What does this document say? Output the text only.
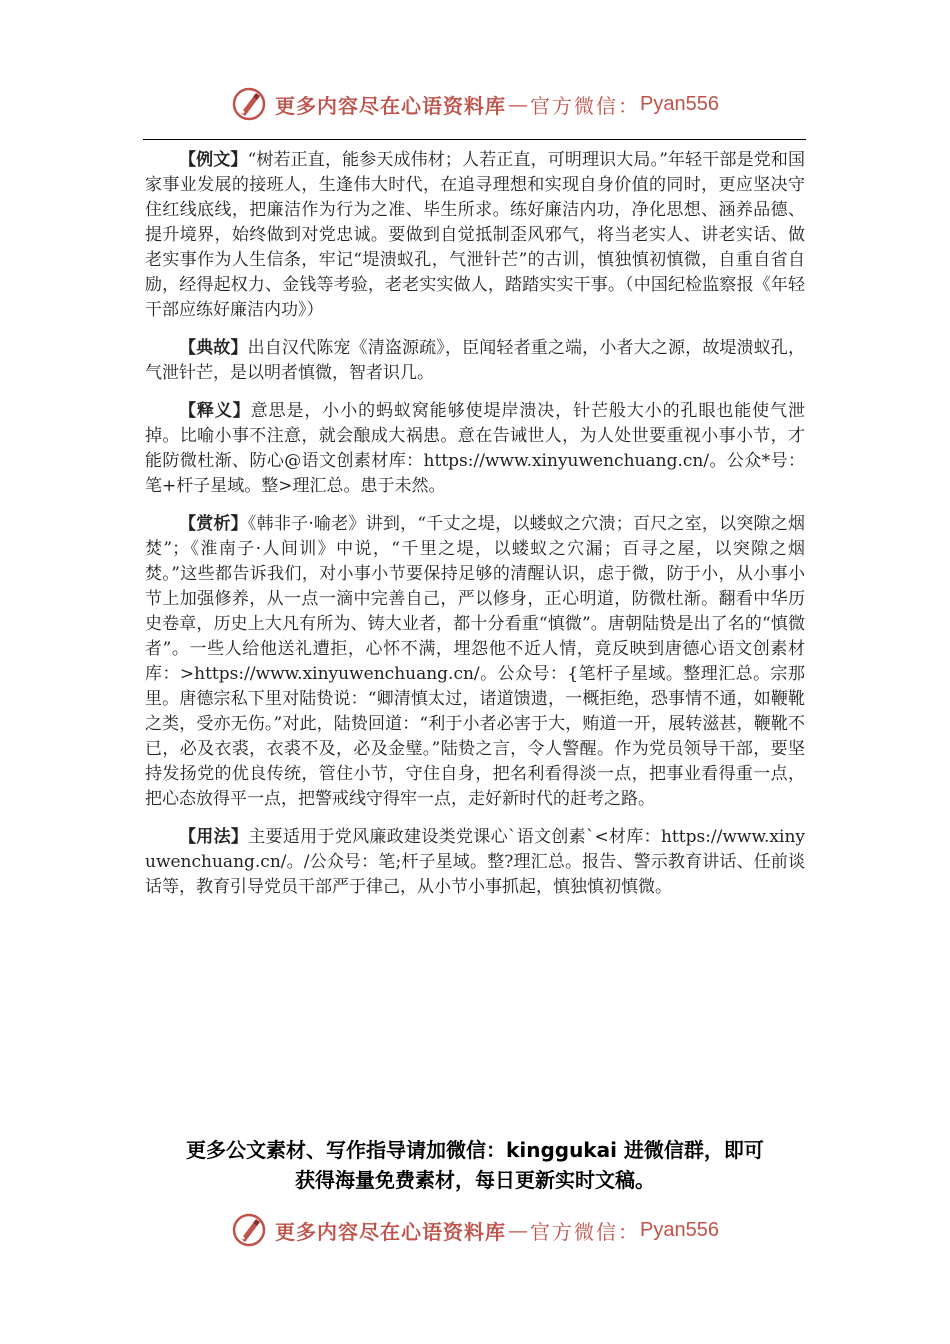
更多内容尽在心语资料库 — 官方微信： Pyan556

【例文】“树若正直，能参天成伟材；人若正直，可明理识大局。”年轻干部是党和国家事业发展的接班人，生逢伟大时代，在追寻理想和实现自身价值的同时，更应坚决守住红线底线，把廉洁作为行为之准、毕生所求。练好廉洁内功，净化思想、涵养品德、提升境界，始终做到对党忠诚。要做到自觉抵制歪风邪气，将当老实人、讲老实话、做老实事作为人生信条，牢记“堤溃蚁孔，气泄针芒”的古训，慎独慎初慎微，自重自省自励，经得起权力、金钱等考验，老老实实做人，踏踏实实干事。（中国纪检监察报《年轻干部应练好廉洁内功》）

【典故】出自汉代陈宠《清盗源疏》，臣闻轻者重之端，小者大之源，故堤溃蚁孔，气泄针芒，是以明者慎微，智者识几。

【释义】意思是，小小的蚂蚁窝能够使堤岸溃决，针芒般大小的孔眼也能使气泄掉。比喻小事不注意，就会酿成大祸患。意在告诫世人，为人处世要重视小事小节，才能防微杜渐、防心@语文创素材库：https://www.xinyuwenchuang.cn/。公众*号：笔+杆子星域。整>理汇总。患于未然。

【赏析】《韩非子·喻老》讲到，“千丈之堤，以蝼蚁之穴溃；百尺之室，以突隙之烟焚”；《淮南子·人间训》中说，“千里之堤，以蝼蚁之穴漏；百寻之屋，以突隙之烟焚。”这些都告诉我们，对小事小节要保持足够的清醒认识，虑于微，防于小，从小事小节上加强修养，从一点一滴中完善自己，严以修身，正心明道，防微杜渐。翻看中华历史卷章，历史上大凡有所为、铸大业者，都十分看重“慎微”。唐朝陆贽是出了名的“慎微者”。一些人给他送礼遭拒，心怀不满，埋怨他不近人情，竟反映到唐德心语文创素材库：>https://www.xinyuwenchuang.cn/。公众号：{笔杆子星域。整理汇总。宗那里。唐德宗私下里对陆贽说：“卿清慎太过，诸道馈遗，一概拒绝，恐事情不通，如鞭靴之类，受亦无伤。”对此，陆贽回道：“利于小者必害于大，贿道一开，展转滋甚，鞭靴不已，必及衣裘，衣裘不及，必及金璧。”陆贽之言，令人警醒。作为党员领导干部，要坚持发扬党的优良传统，管住小节，守住自身，把名利看得淡一点，把事业看得重一点，把心态放得平一点，把警戒线守得牢一点，走好新时代的赶考之路。

【用法】主要适用于党风廉政建设类党课心`语文创素`<材库：https://www.xinyuwenchuang.cn/。/公众号：笔;杆子星域。整?理汇总。报告、警示教育讲话、任前谈话等，教育引导党员干部严于律己，从小节小事抓起，慎独慎初慎微。

更多公文素材、写作指导请加微信：kinggukai 进微信群，即可
获得海量免费素材，每日更新实时文稿。
更多内容尽在心语资料库 — 官方微信： Pyan556
